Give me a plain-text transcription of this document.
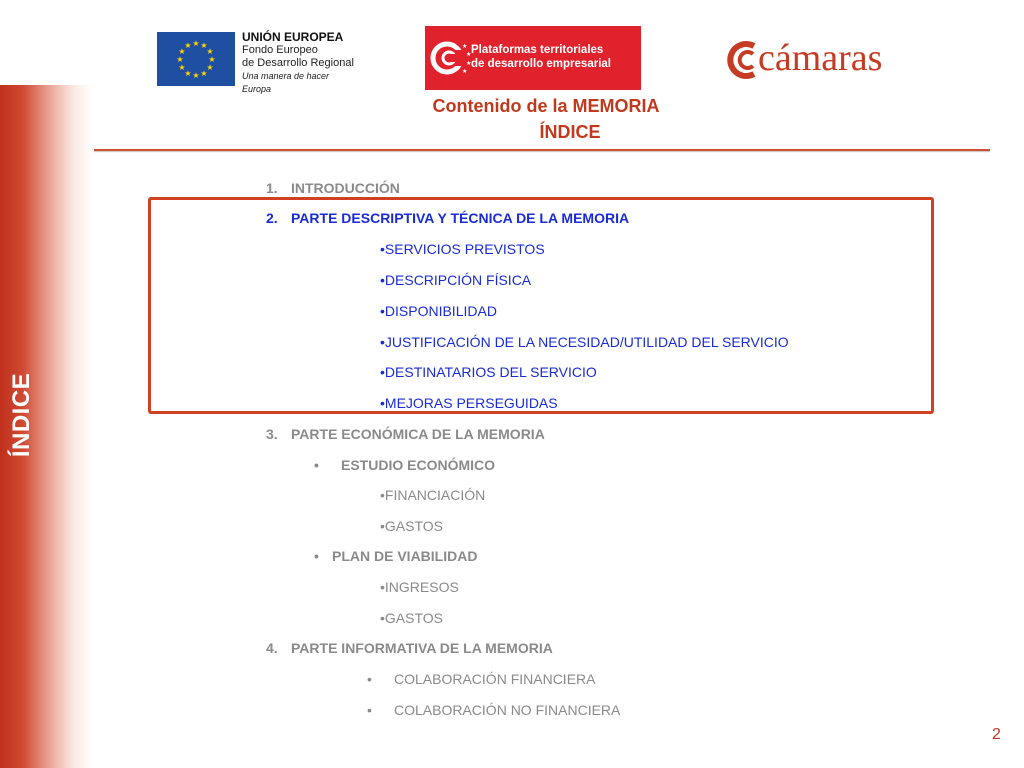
ÍNDICE
★ ★
★
★
★
★
★
★
★
★
★
★
UNIÓN EUROPEA
Fondo Europeo
de Desarrollo Regional
Una manera de hacer Europa
★
★
★
★
Plataformas territoriales
de desarrollo empresarial	cámaras
Contenido de la MEMORIA
ÍNDICE
1. INTRODUCCIÓN
2. PARTE DESCRIPTIVA Y TÉCNICA DE LA MEMORIA
•SERVICIOS PREVISTOS
•DESCRIPCIÓN FÍSICA
•DISPONIBILIDAD
•JUSTIFICACIÓN DE LA NECESIDAD/UTILIDAD DEL SERVICIO
•DESTINATARIOS DEL SERVICIO
•MEJORAS PERSEGUIDAS
3. PARTE ECONÓMICA DE LA MEMORIA
• ESTUDIO ECONÓMICO
•FINANCIACIÓN
•GASTOS
• PLAN DE VIABILIDAD
•INGRESOS
•GASTOS
4. PARTE INFORMATIVA DE LA MEMORIA
• COLABORACIÓN FINANCIERA
• COLABORACIÓN NO FINANCIERA
2
